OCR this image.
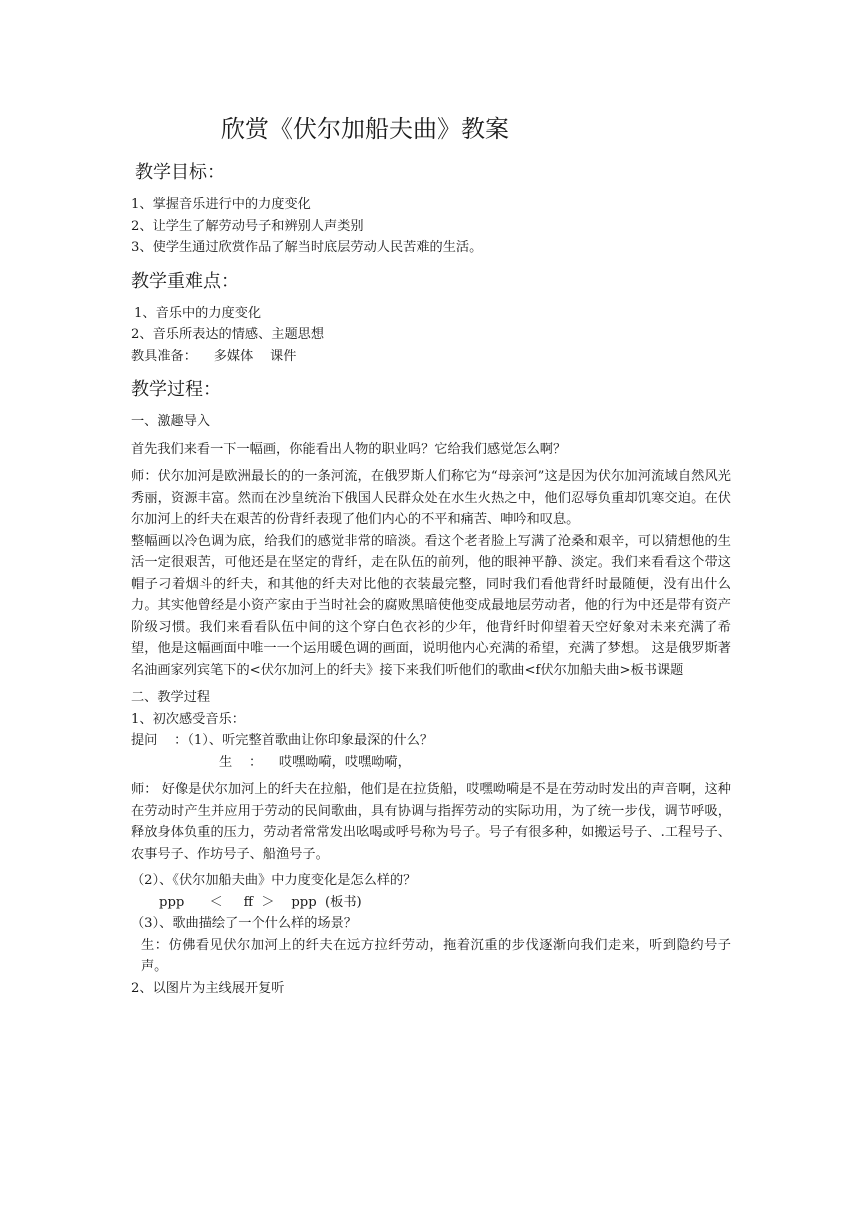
欣赏《伏尔加船夫曲》教案
教学目标：

1、掌握音乐进行中的力度变化

2、让学生了解劳动号子和辨别人声类别

3、使学生通过欣赏作品了解当时底层劳动人民苦难的生活。

教学重难点：

1、音乐中的力度变化

2、音乐所表达的情感、主题思想

教具准备：    多媒体    课件

教学过程：

一、激趣导入

首先我们来看一下一幅画，你能看出人物的职业吗？它给我们感觉怎么啊？

师：伏尔加河是欧洲最长的的一条河流，在俄罗斯人们称它为“母亲河”这是因为伏尔加河流域自然风光秀丽，资源丰富。然而在沙皇统治下俄国人民群众处在水生火热之中，他们忍辱负重却饥寒交迫。在伏尔加河上的纤夫在艰苦的份背纤表现了他们内心的不平和痛苦、呻吟和叹息。

整幅画以冷色调为底，给我们的感觉非常的暗淡。看这个老者脸上写满了沧桑和艰辛，可以猜想他的生活一定很艰苦，可他还是在坚定的背纤，走在队伍的前列，他的眼神平静、淡定。我们来看看这个带这帽子刁着烟斗的纤夫，和其他的纤夫对比他的衣装最完整，同时我们看他背纤时最随便，没有出什么力。其实他曾经是小资产家由于当时社会的腐败黑暗使他变成最地层劳动者，他的行为中还是带有资产阶级习惯。我们来看看队伍中间的这个穿白色衣衫的少年，他背纤时仰望着天空好象对未来充满了希望，他是这幅画面中唯一一个运用暖色调的画面，说明他内心充满的希望，充满了梦想。 这是俄罗斯著名油画家列宾笔下的<伏尔加河上的纤夫》接下来我们听他们的歌曲<f伏尔加船夫曲>板书课题

二、教学过程

1、初次感受音乐：

提问    ：（1）、听完整首歌曲让你印象最深的什么？

生    ：    哎嘿呦嗬，哎嘿呦嗬，

师： 好像是伏尔加河上的纤夫在拉船，他们是在拉货船，哎嘿呦嗬是不是在劳动时发出的声音啊，这种在劳动时产生并应用于劳动的民间歌曲，具有协调与指挥劳动的实际功用，为了统一步伐，调节呼吸，释放身体负重的压力，劳动者常常发出吆喝或呼号称为号子。号子有很多种，如搬运号子、.工程号子、农事号子、作坊号子、船渔号子。

（2）、《伏尔加船夫曲》中力度变化是怎么样的？

ppp      ＜     ff  ＞    ppp  (板书)

（3）、歌曲描绘了一个什么样的场景？

生：仿佛看见伏尔加河上的纤夫在远方拉纤劳动，拖着沉重的步伐逐渐向我们走来，听到隐约号子声。

2、以图片为主线展开复听
